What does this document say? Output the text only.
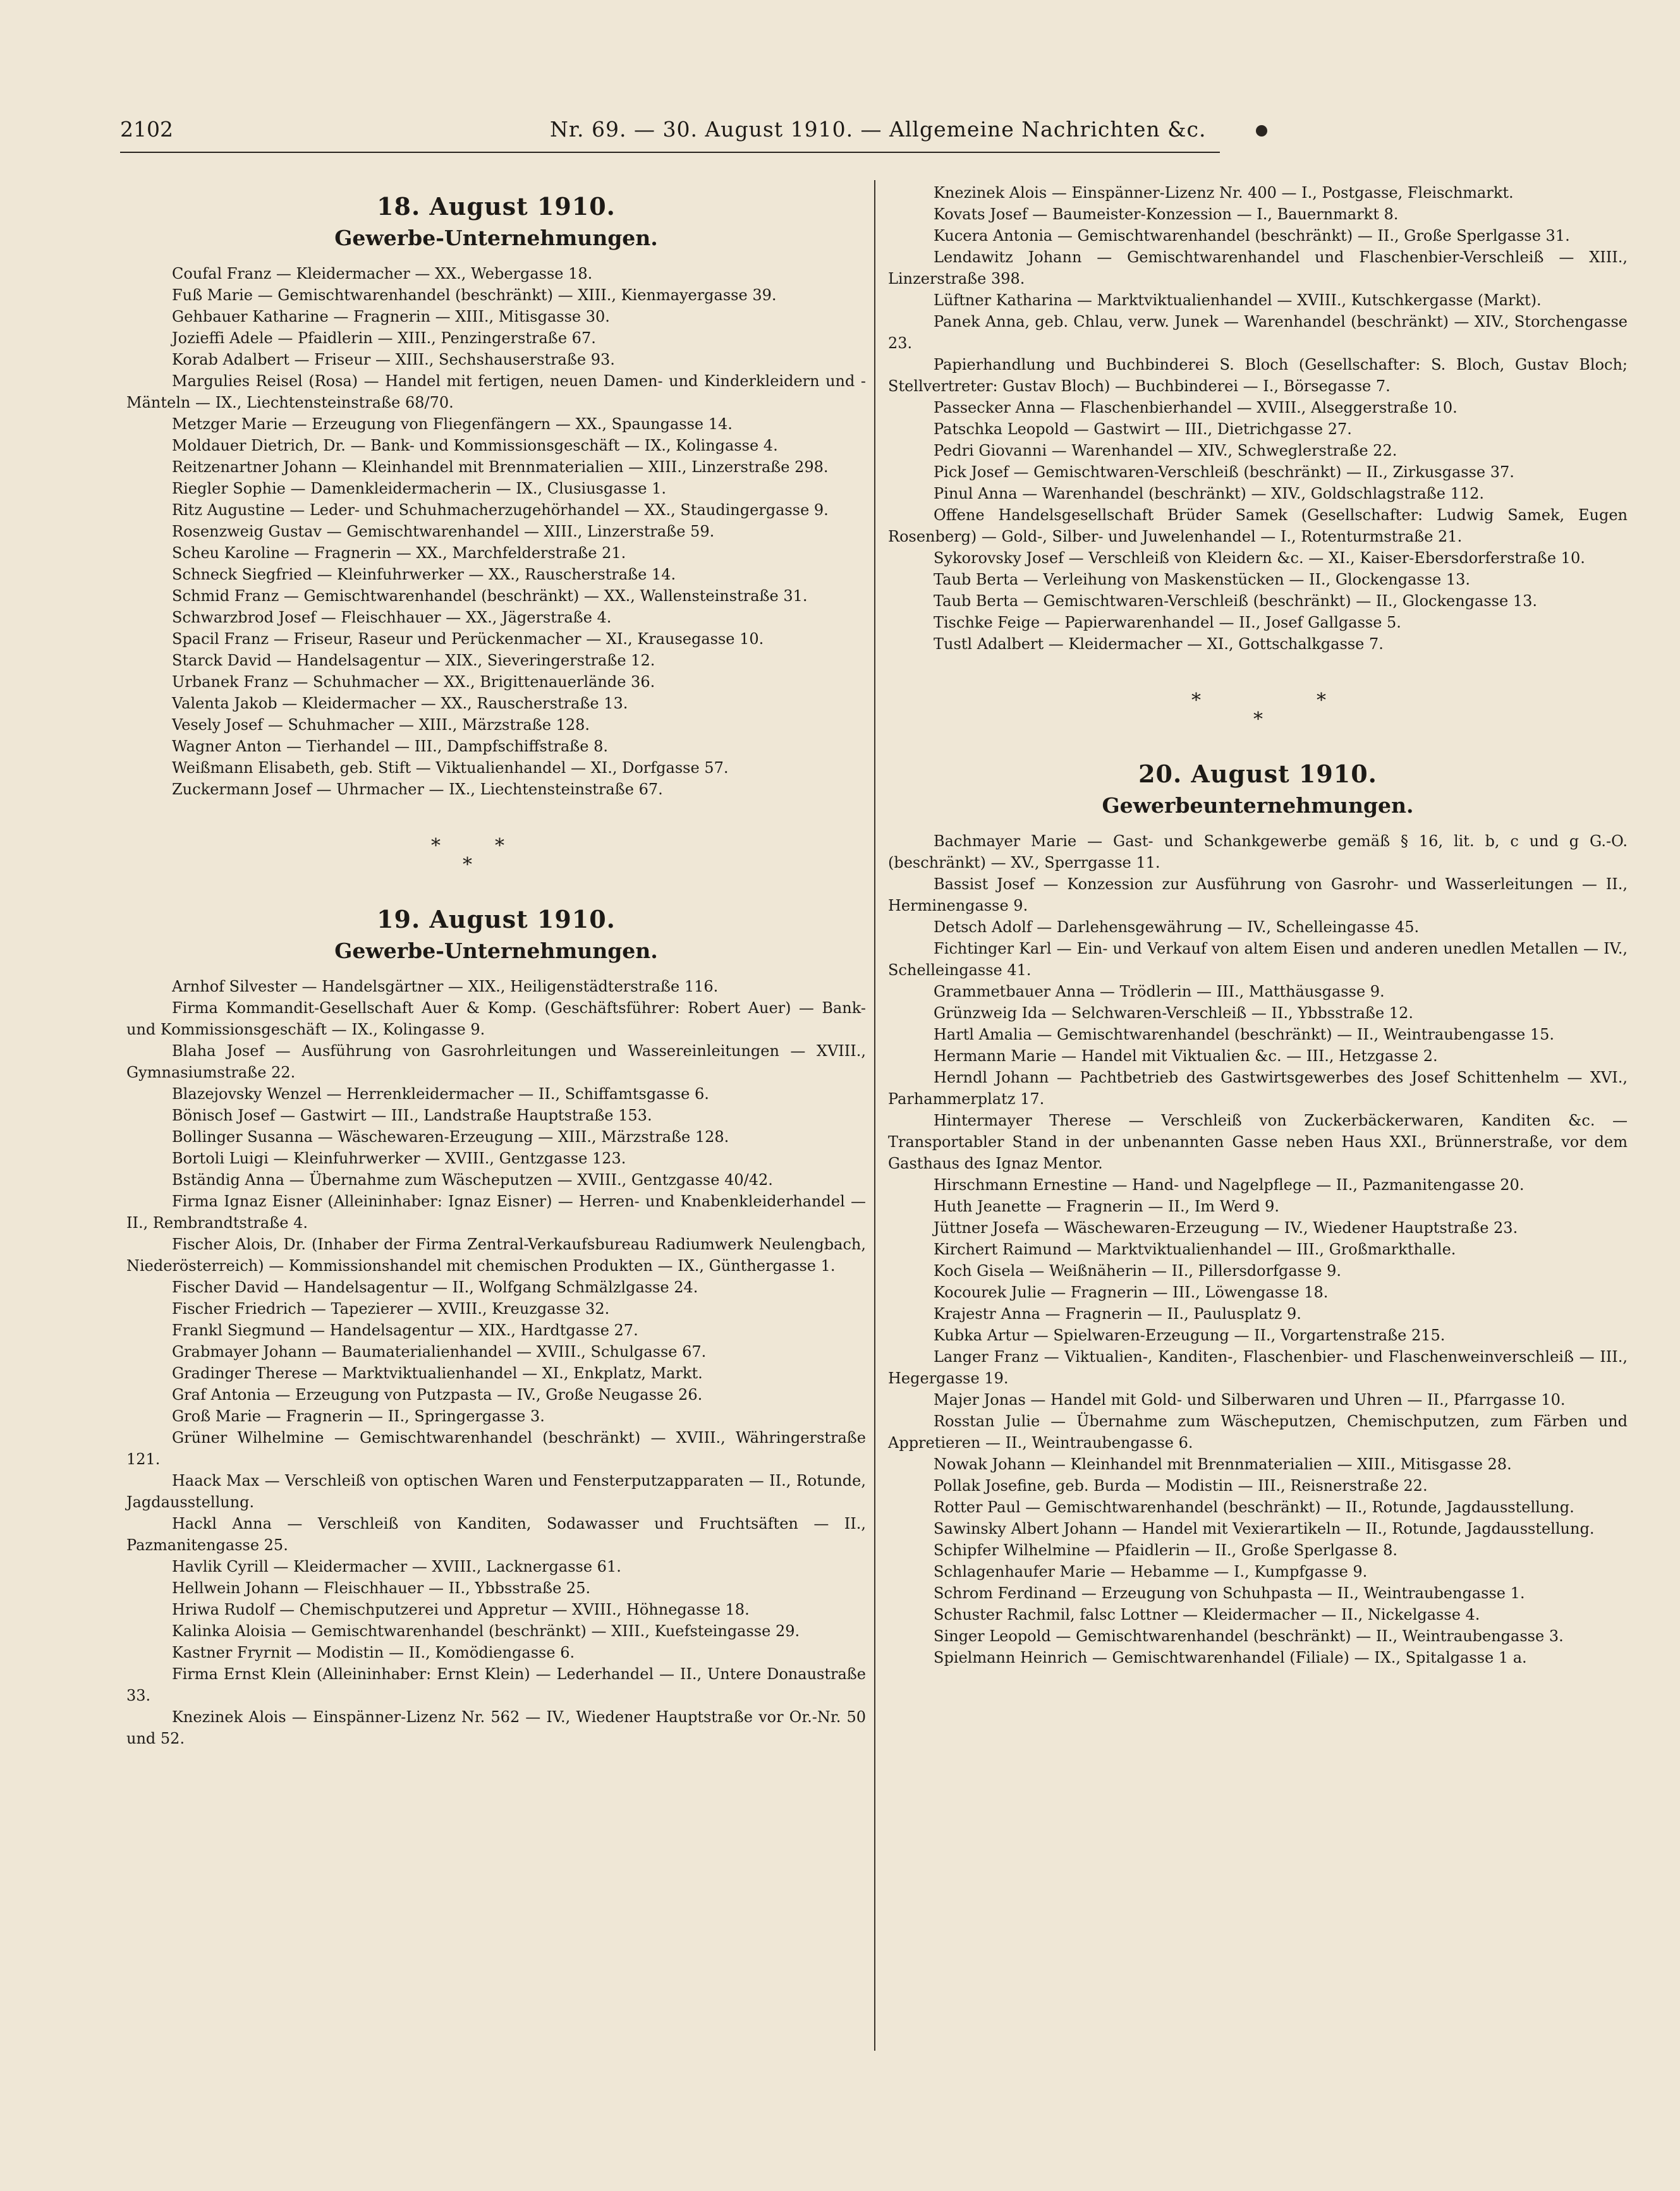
2102	Nr. 69. — 30. August 1910. — Allgemeine Nachrichten &c.
18. August 1910.
Gewerbe-Unternehmungen.

Coufal Franz — Kleidermacher — XX., Webergasse 18.

Fuß Marie — Gemischtwarenhandel (beschränkt) — XIII., Kienmayergasse 39.

Gehbauer Katharine — Fragnerin — XIII., Mitisgasse 30.

Jozieffi Adele — Pfaidlerin — XIII., Penzingerstraße 67.

Korab Adalbert — Friseur — XIII., Sechshauserstraße 93.

Margulies Reisel (Rosa) — Handel mit fertigen, neuen Damen- und Kinderkleidern und -Mänteln — IX., Liechtensteinstraße 68/70.

Metzger Marie — Erzeugung von Fliegenfängern — XX., Spaungasse 14.

Moldauer Dietrich, Dr. — Bank- und Kommissionsgeschäft — IX., Kolingasse 4.

Reitzenartner Johann — Kleinhandel mit Brennmaterialien — XIII., Linzerstraße 298.

Riegler Sophie — Damenkleidermacherin — IX., Clusiusgasse 1.

Ritz Augustine — Leder- und Schuhmacherzugehörhandel — XX., Staudingergasse 9.

Rosenzweig Gustav — Gemischtwarenhandel — XIII., Linzerstraße 59.

Scheu Karoline — Fragnerin — XX., Marchfelderstraße 21.

Schneck Siegfried — Kleinfuhrwerker — XX., Rauscherstraße 14.

Schmid Franz — Gemischtwarenhandel (beschränkt) — XX., Wallensteinstraße 31.

Schwarzbrod Josef — Fleischhauer — XX., Jägerstraße 4.

Spacil Franz — Friseur, Raseur und Perückenmacher — XI., Krausegasse 10.

Starck David — Handelsagentur — XIX., Sieveringerstraße 12.

Urbanek Franz — Schuhmacher — XX., Brigittenauerlände 36.

Valenta Jakob — Kleidermacher — XX., Rauscherstraße 13.

Vesely Josef — Schuhmacher — XIII., Märzstraße 128.

Wagner Anton — Tierhandel — III., Dampfschiffstraße 8.

Weißmann Elisabeth, geb. Stift — Viktualienhandel — XI., Dorfgasse 57.

Zuckermann Josef — Uhrmacher — IX., Liechtensteinstraße 67.

*	*
*
19. August 1910.
Gewerbe-Unternehmungen.

Arnhof Silvester — Handelsgärtner — XIX., Heiligenstädterstraße 116.

Firma Kommandit-Gesellschaft Auer & Komp. (Geschäftsführer: Robert Auer) — Bank- und Kommissionsgeschäft — IX., Kolingasse 9.

Blaha Josef — Ausführung von Gasrohrleitungen und Wassereinleitungen — XVIII., Gymnasiumstraße 22.

Blazejovsky Wenzel — Herrenkleidermacher — II., Schiffamtsgasse 6.

Bönisch Josef — Gastwirt — III., Landstraße Hauptstraße 153.

Bollinger Susanna — Wäschewaren-Erzeugung — XIII., Märzstraße 128.

Bortoli Luigi — Kleinfuhrwerker — XVIII., Gentzgasse 123.

Bständig Anna — Übernahme zum Wäscheputzen — XVIII., Gentzgasse 40/42.

Firma Ignaz Eisner (Alleininhaber: Ignaz Eisner) — Herren- und Knabenkleiderhandel — II., Rembrandtstraße 4.

Fischer Alois, Dr. (Inhaber der Firma Zentral-Verkaufsbureau Radiumwerk Neulengbach, Niederösterreich) — Kommissionshandel mit chemischen Produkten — IX., Günthergasse 1.

Fischer David — Handelsagentur — II., Wolfgang Schmälzlgasse 24.

Fischer Friedrich — Tapezierer — XVIII., Kreuzgasse 32.

Frankl Siegmund — Handelsagentur — XIX., Hardtgasse 27.

Grabmayer Johann — Baumaterialienhandel — XVIII., Schulgasse 67.

Gradinger Therese — Marktviktualienhandel — XI., Enkplatz, Markt.

Graf Antonia — Erzeugung von Putzpasta — IV., Große Neugasse 26.

Groß Marie — Fragnerin — II., Springergasse 3.

Grüner Wilhelmine — Gemischtwarenhandel (beschränkt) — XVIII., Währingerstraße 121.

Haack Max — Verschleiß von optischen Waren und Fensterputzapparaten — II., Rotunde, Jagdausstellung.

Hackl Anna — Verschleiß von Kanditen, Sodawasser und Fruchtsäften — II., Pazmanitengasse 25.

Havlik Cyrill — Kleidermacher — XVIII., Lacknergasse 61.

Hellwein Johann — Fleischhauer — II., Ybbsstraße 25.

Hriwa Rudolf — Chemischputzerei und Appretur — XVIII., Höhnegasse 18.

Kalinka Aloisia — Gemischtwarenhandel (beschränkt) — XIII., Kuefsteingasse 29.

Kastner Fryrnit — Modistin — II., Komödiengasse 6.

Firma Ernst Klein (Alleininhaber: Ernst Klein) — Lederhandel — II., Untere Donaustraße 33.

Knezinek Alois — Einspänner-Lizenz Nr. 562 — IV., Wiedener Hauptstraße vor Or.-Nr. 50 und 52.

Knezinek Alois — Einspänner-Lizenz Nr. 400 — I., Postgasse, Fleischmarkt.

Kovats Josef — Baumeister-Konzession — I., Bauernmarkt 8.

Kucera Antonia — Gemischtwarenhandel (beschränkt) — II., Große Sperlgasse 31.

Lendawitz Johann — Gemischtwarenhandel und Flaschenbier-Verschleiß — XIII., Linzerstraße 398.

Lüftner Katharina — Marktviktualienhandel — XVIII., Kutschkergasse (Markt).

Panek Anna, geb. Chlau, verw. Junek — Warenhandel (beschränkt) — XIV., Storchengasse 23.

Papierhandlung und Buchbinderei S. Bloch (Gesellschafter: S. Bloch, Gustav Bloch; Stellvertreter: Gustav Bloch) — Buchbinderei — I., Börsegasse 7.

Passecker Anna — Flaschenbierhandel — XVIII., Alseggerstraße 10.

Patschka Leopold — Gastwirt — III., Dietrichgasse 27.

Pedri Giovanni — Warenhandel — XIV., Schweglerstraße 22.

Pick Josef — Gemischtwaren-Verschleiß (beschränkt) — II., Zirkusgasse 37.

Pinul Anna — Warenhandel (beschränkt) — XIV., Goldschlagstraße 112.

Offene Handelsgesellschaft Brüder Samek (Gesellschafter: Ludwig Samek, Eugen Rosenberg) — Gold-, Silber- und Juwelenhandel — I., Rotenturmstraße 21.

Sykorovsky Josef — Verschleiß von Kleidern &c. — XI., Kaiser-Ebersdorferstraße 10.

Taub Berta — Verleihung von Maskenstücken — II., Glockengasse 13.

Taub Berta — Gemischtwaren-Verschleiß (beschränkt) — II., Glockengasse 13.

Tischke Feige — Papierwarenhandel — II., Josef Gallgasse 5.

Tustl Adalbert — Kleidermacher — XI., Gottschalkgasse 7.

*	*
*
20. August 1910.
Gewerbeunternehmungen.

Bachmayer Marie — Gast- und Schankgewerbe gemäß § 16, lit. b, c und g G.-O. (beschränkt) — XV., Sperrgasse 11.

Bassist Josef — Konzession zur Ausführung von Gasrohr- und Wasserleitungen — II., Herminengasse 9.

Detsch Adolf — Darlehensgewährung — IV., Schelleingasse 45.

Fichtinger Karl — Ein- und Verkauf von altem Eisen und anderen unedlen Metallen — IV., Schelleingasse 41.

Grammetbauer Anna — Trödlerin — III., Matthäusgasse 9.

Grünzweig Ida — Selchwaren-Verschleiß — II., Ybbsstraße 12.

Hartl Amalia — Gemischtwarenhandel (beschränkt) — II., Weintraubengasse 15.

Hermann Marie — Handel mit Viktualien &c. — III., Hetzgasse 2.

Herndl Johann — Pachtbetrieb des Gastwirtsgewerbes des Josef Schittenhelm — XVI., Parhammerplatz 17.

Hintermayer Therese — Verschleiß von Zuckerbäckerwaren, Kanditen &c. — Transportabler Stand in der unbenannten Gasse neben Haus XXI., Brünnerstraße, vor dem Gasthaus des Ignaz Mentor.

Hirschmann Ernestine — Hand- und Nagelpflege — II., Pazmanitengasse 20.

Huth Jeanette — Fragnerin — II., Im Werd 9.

Jüttner Josefa — Wäschewaren-Erzeugung — IV., Wiedener Hauptstraße 23.

Kirchert Raimund — Marktviktualienhandel — III., Großmarkthalle.

Koch Gisela — Weißnäherin — II., Pillersdorfgasse 9.

Kocourek Julie — Fragnerin — III., Löwengasse 18.

Krajestr Anna — Fragnerin — II., Paulusplatz 9.

Kubka Artur — Spielwaren-Erzeugung — II., Vorgartenstraße 215.

Langer Franz — Viktualien-, Kanditen-, Flaschenbier- und Flaschenweinverschleiß — III., Hegergasse 19.

Majer Jonas — Handel mit Gold- und Silberwaren und Uhren — II., Pfarrgasse 10.

Rosstan Julie — Übernahme zum Wäscheputzen, Chemischputzen, zum Färben und Appretieren — II., Weintraubengasse 6.

Nowak Johann — Kleinhandel mit Brennmaterialien — XIII., Mitisgasse 28.

Pollak Josefine, geb. Burda — Modistin — III., Reisnerstraße 22.

Rotter Paul — Gemischtwarenhandel (beschränkt) — II., Rotunde, Jagdausstellung.

Sawinsky Albert Johann — Handel mit Vexierartikeln — II., Rotunde, Jagdausstellung.

Schipfer Wilhelmine — Pfaidlerin — II., Große Sperlgasse 8.

Schlagenhaufer Marie — Hebamme — I., Kumpfgasse 9.

Schrom Ferdinand — Erzeugung von Schuhpasta — II., Weintraubengasse 1.

Schuster Rachmil, falsc Lottner — Kleidermacher — II., Nickelgasse 4.

Singer Leopold — Gemischtwarenhandel (beschränkt) — II., Weintraubengasse 3.

Spielmann Heinrich — Gemischtwarenhandel (Filiale) — IX., Spitalgasse 1 a.
